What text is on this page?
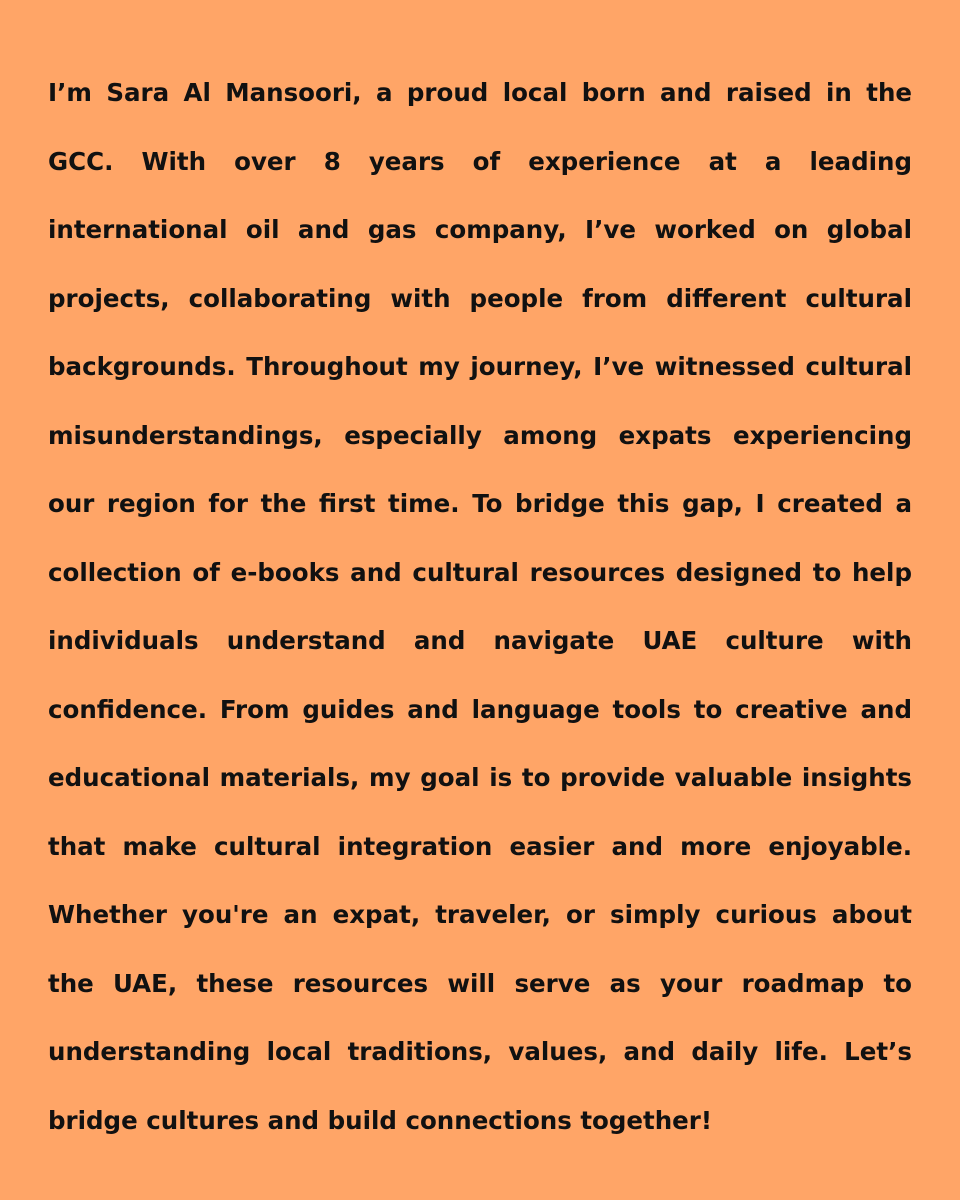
I’m Sara Al Mansoori, a proud local born and raised in the GCC. With over 8 years of experience at a leading international oil and gas company, I’ve worked on global projects, collaborating with people from different cultural backgrounds. Throughout my journey, I’ve witnessed cultural misunderstandings, especially among expats experiencing our region for the first time. To bridge this gap, I created a collection of e-books and cultural resources designed to help individuals understand and navigate UAE culture with confidence. From guides and language tools to creative and educational materials, my goal is to provide valuable insights that make cultural integration easier and more enjoyable. Whether you're an expat, traveler, or simply curious about the UAE, these resources will serve as your roadmap to understanding local traditions, values, and daily life. Let’s bridge cultures and build connections together!
